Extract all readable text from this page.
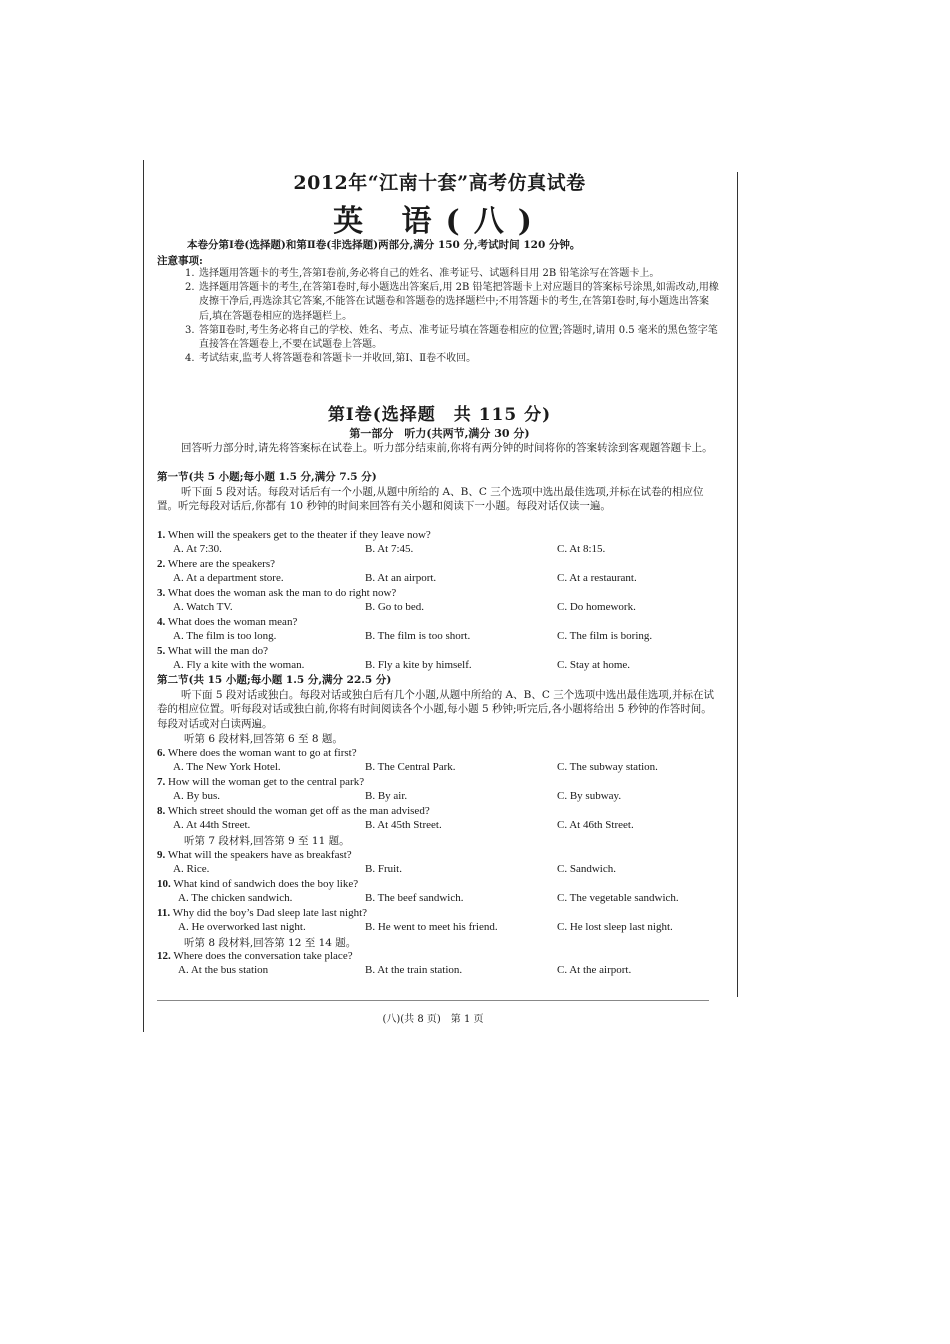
2012年“江南十套”高考仿真试卷
英 语(八)
本卷分第Ⅰ卷(选择题)和第Ⅱ卷(非选择题)两部分,满分 150 分,考试时间 120 分钟。
注意事项:
1. 选择题用答题卡的考生,答第Ⅰ卷前,务必将自己的姓名、准考证号、试题科目用 2B 铅笔涂写在答题卡上。
2. 选择题用答题卡的考生,在答第Ⅰ卷时,每小题选出答案后,用 2B 铅笔把答题卡上对应题目的答案标号涂黑,如需改动,用橡皮擦干净后,再选涂其它答案,不能答在试题卷和答题卷的选择题栏中;不用答题卡的考生,在答第Ⅰ卷时,每小题选出答案后,填在答题卷相应的选择题栏上。
3. 答第Ⅱ卷时,考生务必将自己的学校、姓名、考点、准考证号填在答题卷相应的位置;答题时,请用 0.5 毫米的黑色签字笔直接答在答题卷上,不要在试题卷上答题。
4. 考试结束,监考人将答题卷和答题卡一并收回,第Ⅰ、Ⅱ卷不收回。
第Ⅰ卷(选择题　共 115 分)
第一部分　听力(共两节,满分 30 分)
回答听力部分时,请先将答案标在试卷上。听力部分结束前,你将有两分钟的时间将你的答案转涂到客观题答题卡上。
第一节(共 5 小题;每小题 1.5 分,满分 7.5 分)
听下面 5 段对话。每段对话后有一个小题,从题中所给的 A、B、C 三个选项中选出最佳选项,并标在试卷的相应位置。听完每段对话后,你都有 10 秒钟的时间来回答有关小题和阅读下一小题。每段对话仅读一遍。
1. When will the speakers get to the theater if they leave now?
A. At 7:30.	B. At 7:45.	C. At 8:15.
2. Where are the speakers?
A. At a department store.	B. At an airport.	C. At a restaurant.
3. What does the woman ask the man to do right now?
A. Watch TV.	B. Go to bed.	C. Do homework.
4. What does the woman mean?
A. The film is too long.	B. The film is too short.	C. The film is boring.
5. What will the man do?
A. Fly a kite with the woman.	B. Fly a kite by himself.	C. Stay at home.
第二节(共 15 小题;每小题 1.5 分,满分 22.5 分)
听下面 5 段对话或独白。每段对话或独白后有几个小题,从题中所给的 A、B、C 三个选项中选出最佳选项,并标在试卷的相应位置。听每段对话或独白前,你将有时间阅读各个小题,每小题 5 秒钟;听完后,各小题将给出 5 秒钟的作答时间。每段对话或对白读两遍。
听第 6 段材料,回答第 6 至 8 题。
6. Where does the woman want to go at first?
A. The New York Hotel.	B. The Central Park.	C. The subway station.
7. How will the woman get to the central park?
A. By bus.	B. By air.	C. By subway.
8. Which street should the woman get off as the man advised?
A. At 44th Street.	B. At 45th Street.	C. At 46th Street.
听第 7 段材料,回答第 9 至 11 题。
9. What will the speakers have as breakfast?
A. Rice.	B. Fruit.	C. Sandwich.
10. What kind of sandwich does the boy like?
A. The chicken sandwich.	B. The beef sandwich.	C. The vegetable sandwich.
11. Why did the boy’s Dad sleep late last night?
A. He overworked last night.	B. He went to meet his friend.	C. He lost sleep last night.
听第 8 段材料,回答第 12 至 14 题。
12. Where does the conversation take place?
A. At the bus station	B. At the train station.	C. At the airport.
(八)(共 8 页)　第 1 页
